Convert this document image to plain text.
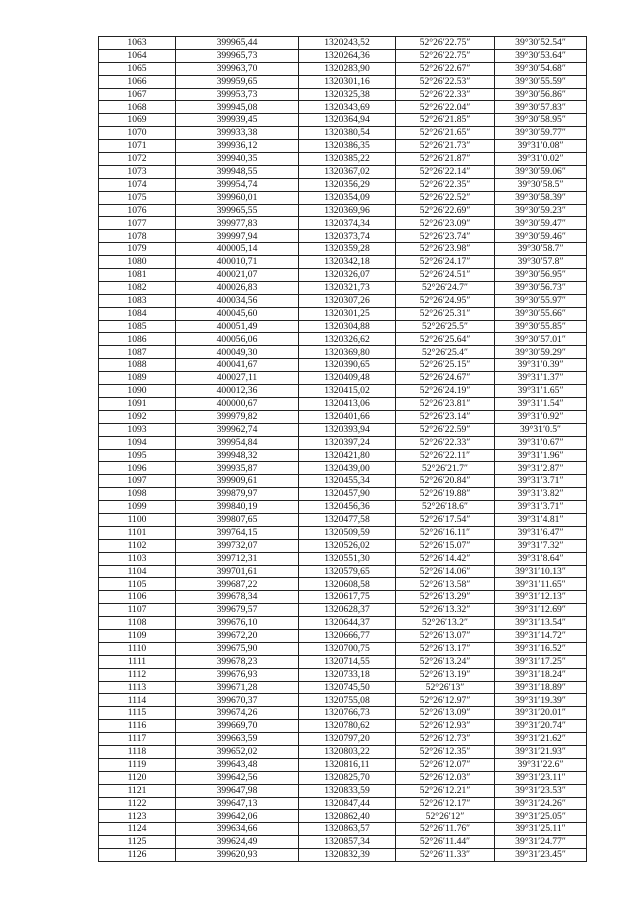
1063	399965,44	1320243,52	52°26′22.75″	39°30′52.54″
1064	399965,73	1320264,36	52°26′22.75″	39°30′53.64″
1065	399963,70	1320283,90	52°26′22.67″	39°30′54.68″
1066	399959,65	1320301,16	52°26′22.53″	39°30′55.59″
1067	399953,73	1320325,38	52°26′22.33″	39°30′56.86″
1068	399945,08	1320343,69	52°26′22.04″	39°30′57.83″
1069	399939,45	1320364,94	52°26′21.85″	39°30′58.95″
1070	399933,38	1320380,54	52°26′21.65″	39°30′59.77″
1071	399936,12	1320386,35	52°26′21.73″	39°31′0.08″
1072	399940,35	1320385,22	52°26′21.87″	39°31′0.02″
1073	399948,55	1320367,02	52°26′22.14″	39°30′59.06″
1074	399954,74	1320356,29	52°26′22.35″	39°30′58.5″
1075	399960,01	1320354,09	52°26′22.52″	39°30′58.39″
1076	399965,55	1320369,96	52°26′22.69″	39°30′59.23″
1077	399977,83	1320374,34	52°26′23.09″	39°30′59.47″
1078	399997,94	1320373,74	52°26′23.74″	39°30′59.46″
1079	400005,14	1320359,28	52°26′23.98″	39°30′58.7″
1080	400010,71	1320342,18	52°26′24.17″	39°30′57.8″
1081	400021,07	1320326,07	52°26′24.51″	39°30′56.95″
1082	400026,83	1320321,73	52°26′24.7″	39°30′56.73″
1083	400034,56	1320307,26	52°26′24.95″	39°30′55.97″
1084	400045,60	1320301,25	52°26′25.31″	39°30′55.66″
1085	400051,49	1320304,88	52°26′25.5″	39°30′55.85″
1086	400056,06	1320326,62	52°26′25.64″	39°30′57.01″
1087	400049,30	1320369,80	52°26′25.4″	39°30′59.29″
1088	400041,67	1320390,65	52°26′25.15″	39°31′0.39″
1089	400027,11	1320409,48	52°26′24.67″	39°31′1.37″
1090	400012,36	1320415,02	52°26′24.19″	39°31′1.65″
1091	400000,67	1320413,06	52°26′23.81″	39°31′1.54″
1092	399979,82	1320401,66	52°26′23.14″	39°31′0.92″
1093	399962,74	1320393,94	52°26′22.59″	39°31′0.5″
1094	399954,84	1320397,24	52°26′22.33″	39°31′0.67″
1095	399948,32	1320421,80	52°26′22.11″	39°31′1.96″
1096	399935,87	1320439,00	52°26′21.7″	39°31′2.87″
1097	399909,61	1320455,34	52°26′20.84″	39°31′3.71″
1098	399879,97	1320457,90	52°26′19.88″	39°31′3.82″
1099	399840,19	1320456,36	52°26′18.6″	39°31′3.71″
1100	399807,65	1320477,58	52°26′17.54″	39°31′4.81″
1101	399764,15	1320509,59	52°26′16.11″	39°31′6.47″
1102	399732,07	1320526,02	52°26′15.07″	39°31′7.32″
1103	399712,31	1320551,30	52°26′14.42″	39°31′8.64″
1104	399701,61	1320579,65	52°26′14.06″	39°31′10.13″
1105	399687,22	1320608,58	52°26′13.58″	39°31′11.65″
1106	399678,34	1320617,75	52°26′13.29″	39°31′12.13″
1107	399679,57	1320628,37	52°26′13.32″	39°31′12.69″
1108	399676,10	1320644,37	52°26′13.2″	39°31′13.54″
1109	399672,20	1320666,77	52°26′13.07″	39°31′14.72″
1110	399675,90	1320700,75	52°26′13.17″	39°31′16.52″
1111	399678,23	1320714,55	52°26′13.24″	39°31′17.25″
1112	399676,93	1320733,18	52°26′13.19″	39°31′18.24″
1113	399671,28	1320745,50	52°26′13″	39°31′18.89″
1114	399670,37	1320755,08	52°26′12.97″	39°31′19.39″
1115	399674,26	1320766,73	52°26′13.09″	39°31′20.01″
1116	399669,70	1320780,62	52°26′12.93″	39°31′20.74″
1117	399663,59	1320797,20	52°26′12.73″	39°31′21.62″
1118	399652,02	1320803,22	52°26′12.35″	39°31′21.93″
1119	399643,48	1320816,11	52°26′12.07″	39°31′22.6″
1120	399642,56	1320825,70	52°26′12.03″	39°31′23.11″
1121	399647,98	1320833,59	52°26′12.21″	39°31′23.53″
1122	399647,13	1320847,44	52°26′12.17″	39°31′24.26″
1123	399642,06	1320862,40	52°26′12″	39°31′25.05″
1124	399634,66	1320863,57	52°26′11.76″	39°31′25.11″
1125	399624,49	1320857,34	52°26′11.44″	39°31′24.77″
1126	399620,93	1320832,39	52°26′11.33″	39°31′23.45″
